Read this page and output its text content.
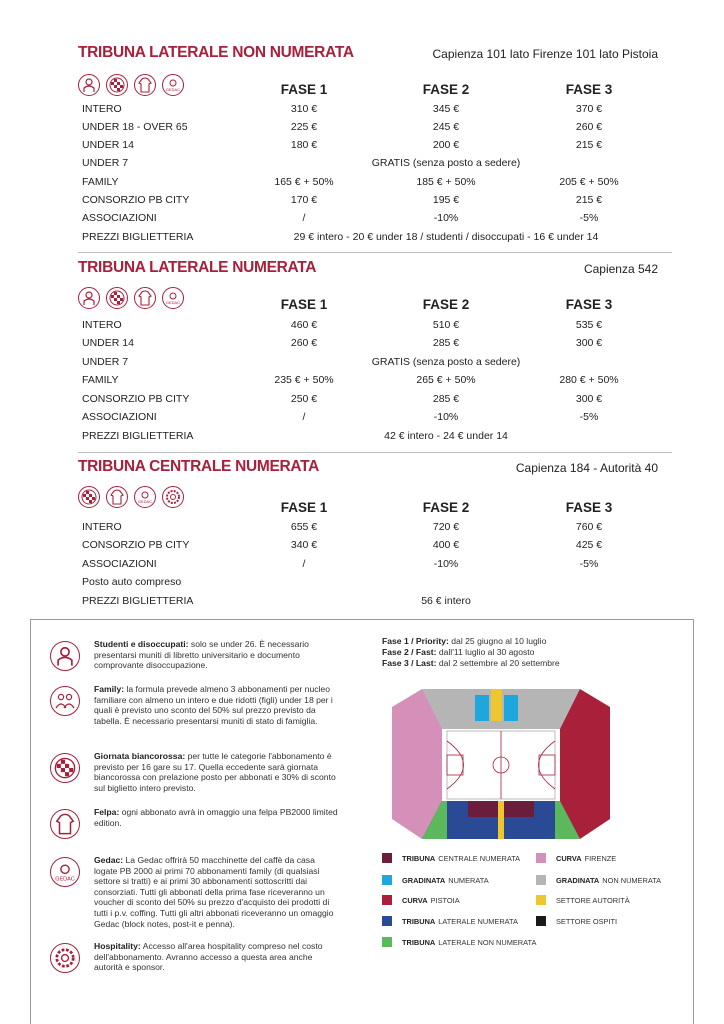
TRIBUNA LATERALE NON NUMERATA	Capienza 101 lato Firenze 101 lato Pistoia
GEDAC	FASE 1	FASE 2	FASE 3
INTERO	310 €	345 €	370 €
UNDER 18 - OVER 65	225 €	245 €	260 €
UNDER 14	180 €	200 €	215 €
UNDER 7	GRATIS (senza posto a sedere)
FAMILY	165 € + 50%	185 € + 50%	205 € + 50%
CONSORZIO PB CITY	170 €	195 €	215 €
ASSOCIAZIONI	/	-10%	-5%
PREZZI BIGLIETTERIA	29 € intero - 20 € under 18 / studenti / disoccupati - 16 € under 14
TRIBUNA LATERALE NUMERATA	Capienza 542
GEDAC	FASE 1	FASE 2	FASE 3
INTERO	460 €	510 €	535 €
UNDER 14	260 €	285 €	300 €
UNDER 7	GRATIS (senza posto a sedere)
FAMILY	235 € + 50%	265 € + 50%	280 € + 50%
CONSORZIO PB CITY	250 €	285 €	300 €
ASSOCIAZIONI	/	-10%	-5%
PREZZI BIGLIETTERIA	42 € intero - 24 € under 14
TRIBUNA CENTRALE NUMERATA	Capienza 184 - Autorità 40
GEDAC	FASE 1	FASE 2	FASE 3
INTERO	655 €	720 €	760 €
CONSORZIO PB CITY	340 €	400 €	425 €
ASSOCIAZIONI	/	-10%	-5%
Posto auto compreso
PREZZI BIGLIETTERIA	56 € intero

Studenti e disoccupati: solo se under 26. È necessario presentarsi muniti di libretto universitario e documento comprovante disoccupazione.

Family: la formula prevede almeno 3 abbonamenti per nucleo familiare con almeno un intero e due ridotti (figli) under 18 per i quali è previsto uno sconto del 50% sul prezzo previsto da tabella. È necessario presentarsi muniti di stato di famiglia.

Giornata biancorossa: per tutte le categorie l'abbonamento è previsto per 16 gare su 17. Quella eccedente sarà giornata biancorossa con prelazione posto per abbonati e 30% di sconto sul biglietto intero previsto.

Felpa: ogni abbonato avrà in omaggio una felpa PB2000 limited edition.

GEDAC

Gedac: La Gedac offrirà 50 macchinette del caffè da casa logate PB 2000 ai primi 70 abbonamenti family (di qualsiasi settore si tratti) e ai primi 30 abbonamenti sottoscritti dai consorziati. Tutti gli abbonati della prima fase riceveranno un voucher di sconto del 50% su prezzo d'acquisto dei prodotti di tutti i p.v. coffing. Tutti gli altri abbonati riceveranno un omaggio Gedac (block notes, post-it e penna).

Hospitality: Accesso all'area hospitality compreso nel costo dell'abbonamento. Avranno accesso a questa area anche autorità e sponsor.

Fase 1 / Priority: dal 25 giugno al 10 luglio
Fase 2 / Fast: dall'11 luglio al 30 agosto
Fase 3 / Last: dal 2 settembre al 20 settembre
TRIBUNA CENTRALE NUMERATA	CURVA FIRENZE
GRADINATA NUMERATA	GRADINATA NON NUMERATA
CURVA PISTOIA	SETTORE AUTORITÀ
TRIBUNA LATERALE NUMERATA	SETTORE OSPITI
TRIBUNA LATERALE NON NUMERATA
